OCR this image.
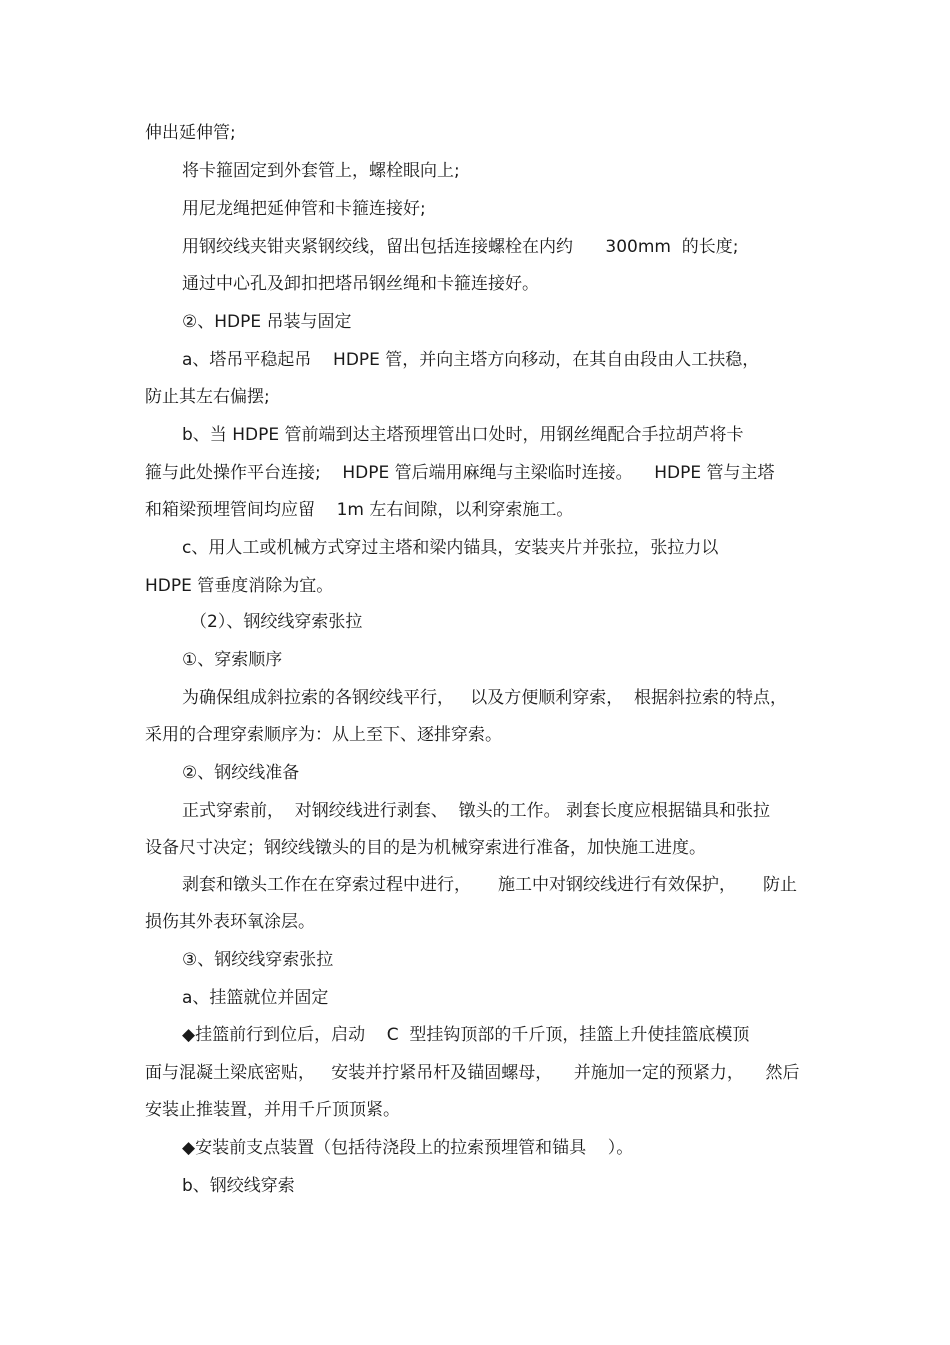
伸出延伸管;

将卡箍固定到外套管上，螺栓眼向上;

用尼龙绳把延伸管和卡箍连接好;

用钢绞线夹钳夹紧钢绞线，留出包括连接螺栓在内约      300mm  的长度;

通过中心孔及卸扣把塔吊钢丝绳和卡箍连接好。

②、HDPE 吊装与固定

a、塔吊平稳起吊    HDPE 管，并向主塔方向移动，在其自由段由人工扶稳，

防止其左右偏摆;

b、当 HDPE 管前端到达主塔预埋管出口处时，用钢丝绳配合手拉胡芦将卡

箍与此处操作平台连接;    HDPE 管后端用麻绳与主梁临时连接。    HDPE 管与主塔

和箱梁预埋管间均应留    1m 左右间隙，以利穿索施工。

c、用人工或机械方式穿过主塔和梁内锚具，安装夹片并张拉，张拉力以

HDPE 管垂度消除为宜。

（2）、钢绞线穿索张拉

①、穿索顺序

为确保组成斜拉索的各钢绞线平行，   以及方便顺利穿索，  根据斜拉索的特点，

采用的合理穿索顺序为：从上至下、逐排穿索。

②、钢绞线准备

正式穿索前，  对钢绞线进行剥套、  镦头的工作。 剥套长度应根据锚具和张拉

设备尺寸决定；钢绞线镦头的目的是为机械穿索进行准备，加快施工进度。

剥套和镦头工作在在穿索过程中进行，     施工中对钢绞线进行有效保护，     防止

损伤其外表环氧涂层。

③、钢绞线穿索张拉

a、挂篮就位并固定

◆挂篮前行到位后，启动    C  型挂钩顶部的千斤顶，挂篮上升使挂篮底模顶

面与混凝土梁底密贴，   安装并拧紧吊杆及锚固螺母，    并施加一定的预紧力，    然后

安装止推装置，并用千斤顶顶紧。

◆安装前支点装置（包括待浇段上的拉索预埋管和锚具    ）。

b、钢绞线穿索
